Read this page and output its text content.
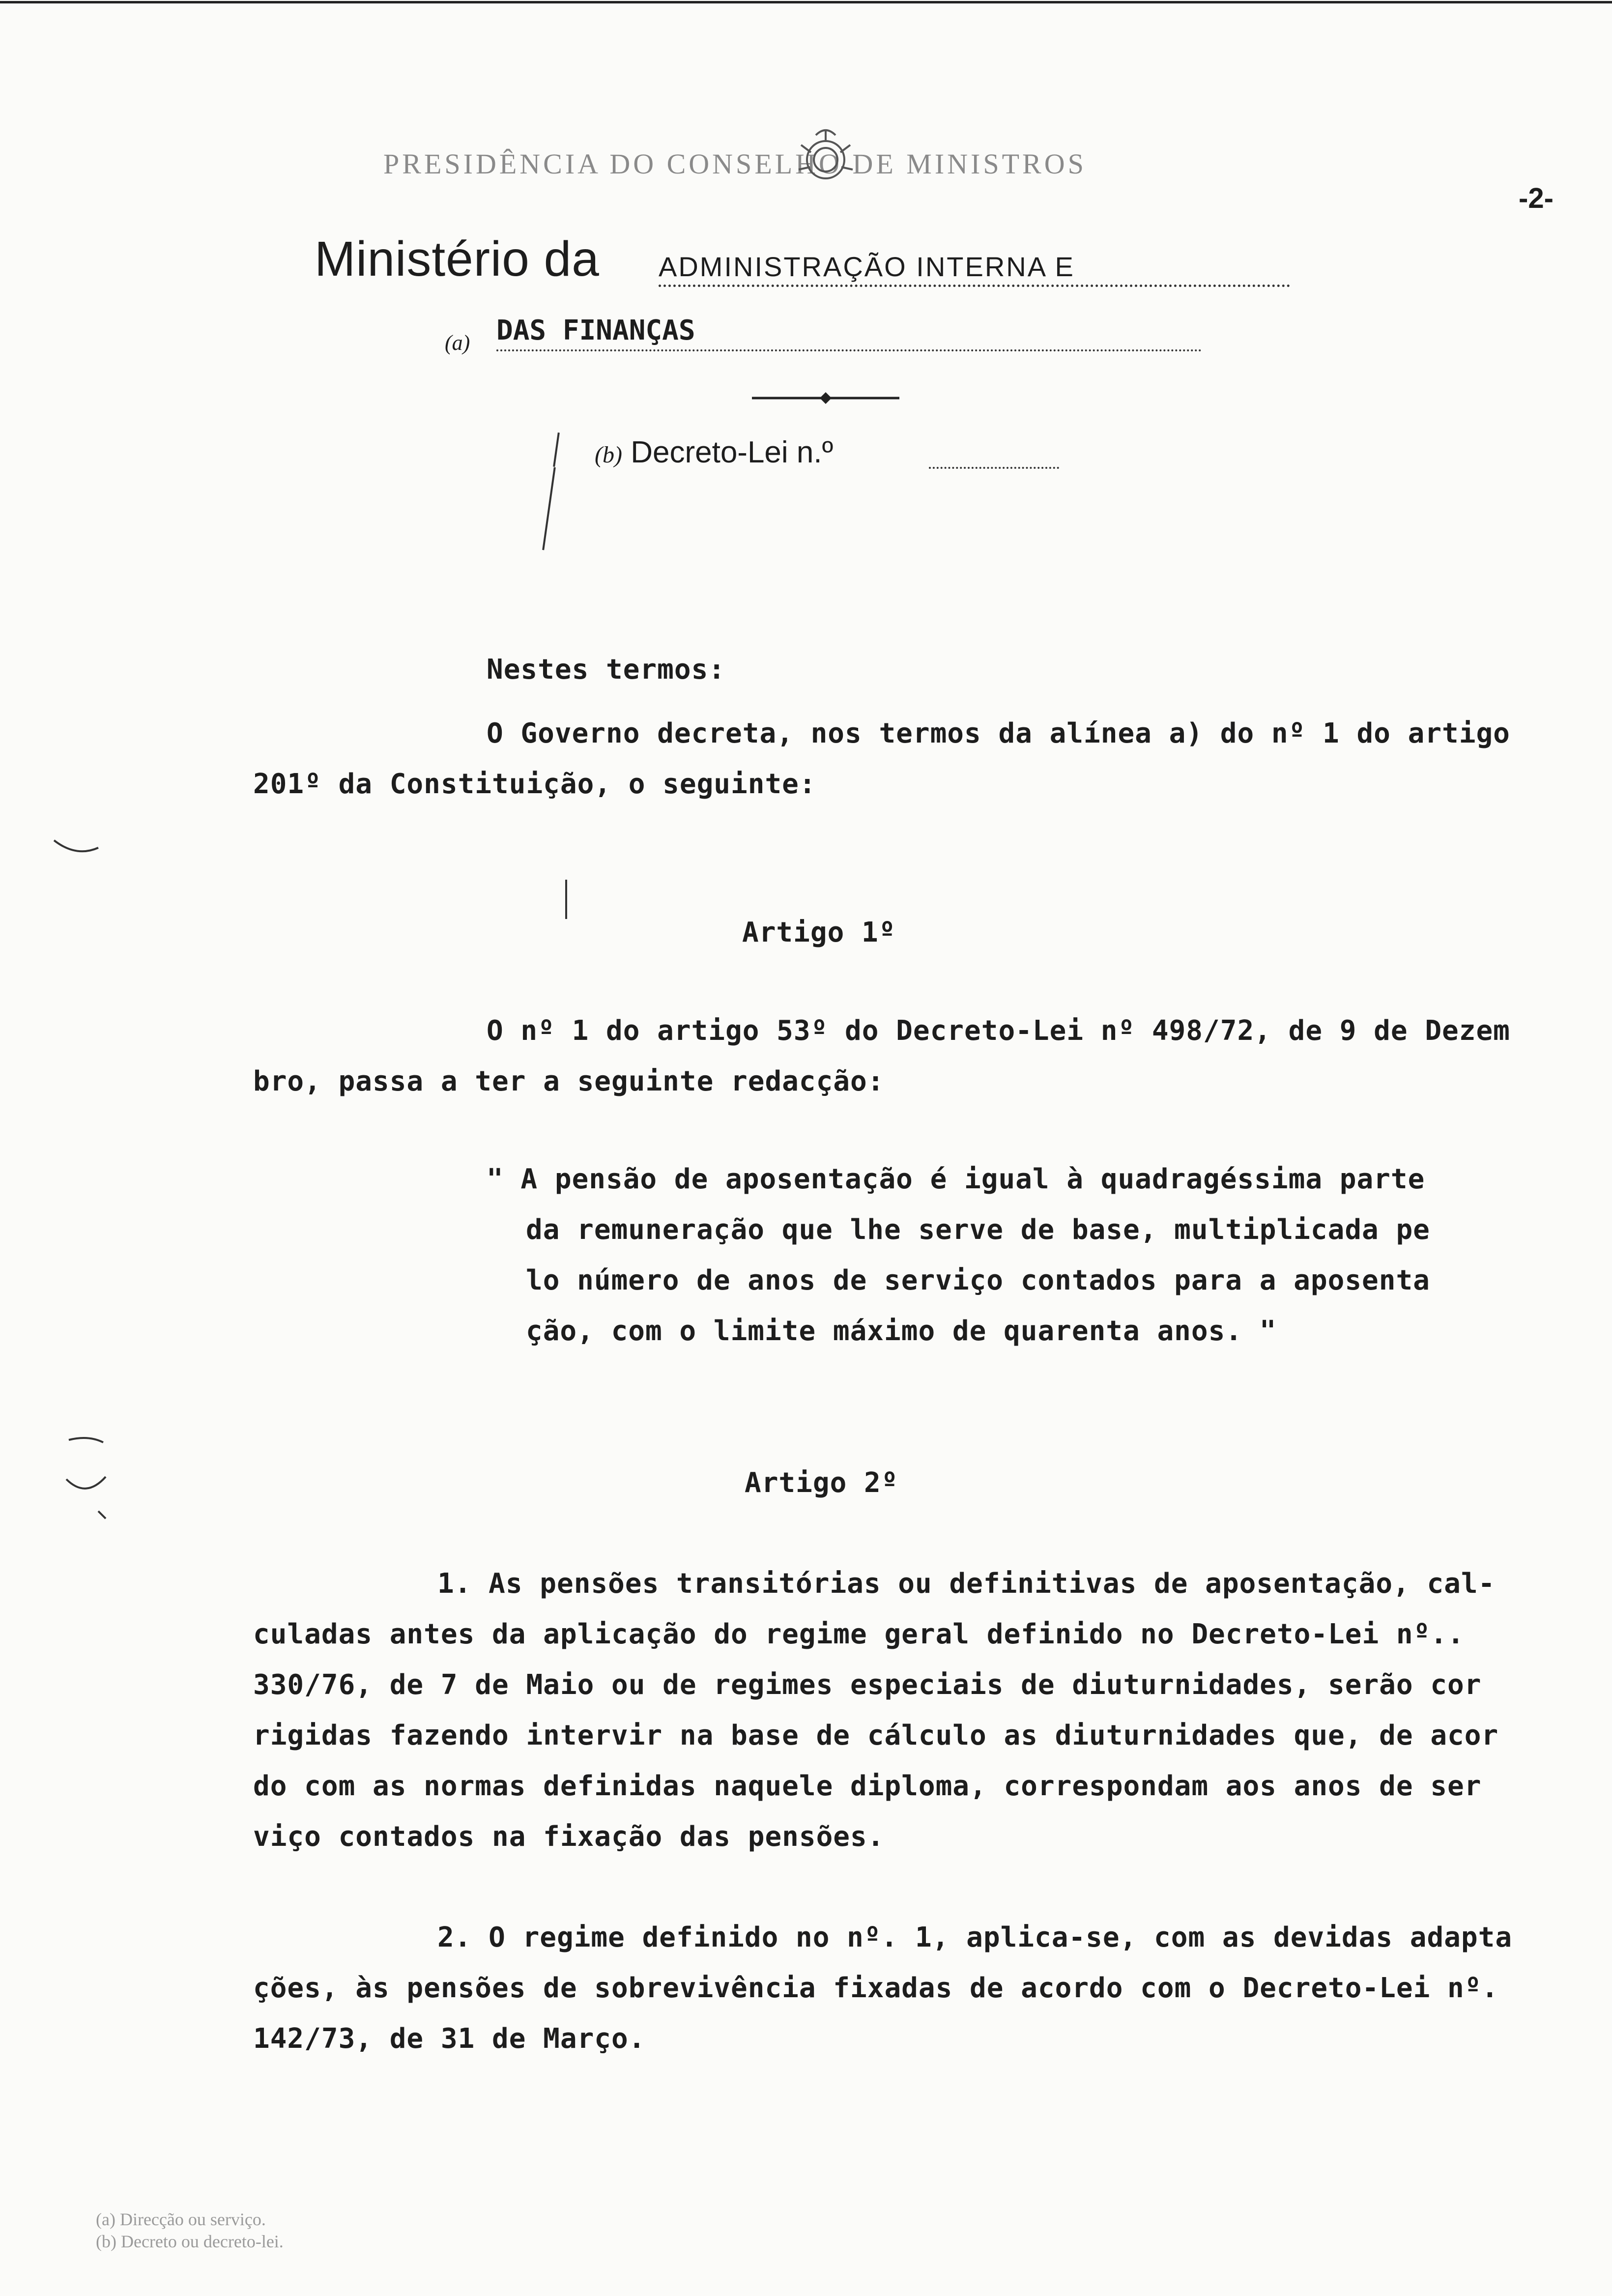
PRESIDÊNCIA DO CONSELHO DE MINISTROS
-2-
Ministério da ADMINISTRAÇÃO INTERNA E
(a) DAS FINANÇAS
(b) Decreto-Lei n.º
Nestes termos:
O Governo decreta, nos termos da alínea a) do nº 1 do artigo
201º da Constituição, o seguinte:
Artigo 1º
O nº 1 do artigo 53º do Decreto-Lei nº 498/72, de 9 de Dezem
bro, passa a ter a seguinte redacção:
" A pensão de aposentação é igual à quadragéssima parte
da remuneração que lhe serve de base, multiplicada pe
lo número de anos de serviço contados para a aposenta
ção, com o limite máximo de quarenta anos. "
Artigo 2º
1. As pensões transitórias ou definitivas de aposentação, cal-
culadas antes da aplicação do regime geral definido no Decreto-Lei nº..
330/76, de 7 de Maio ou de regimes especiais de diuturnidades, serão cor
rigidas fazendo intervir na base de cálculo as diuturnidades que, de acor
do com as normas definidas naquele diploma, correspondam aos anos de ser
viço contados na fixação das pensões.
2. O regime definido no nº. 1, aplica-se, com as devidas adapta
ções, às pensões de sobrevivência fixadas de acordo com o Decreto-Lei nº.
142/73, de 31 de Março.
(a) Direcção ou serviço.
(b) Decreto ou decreto-lei.
